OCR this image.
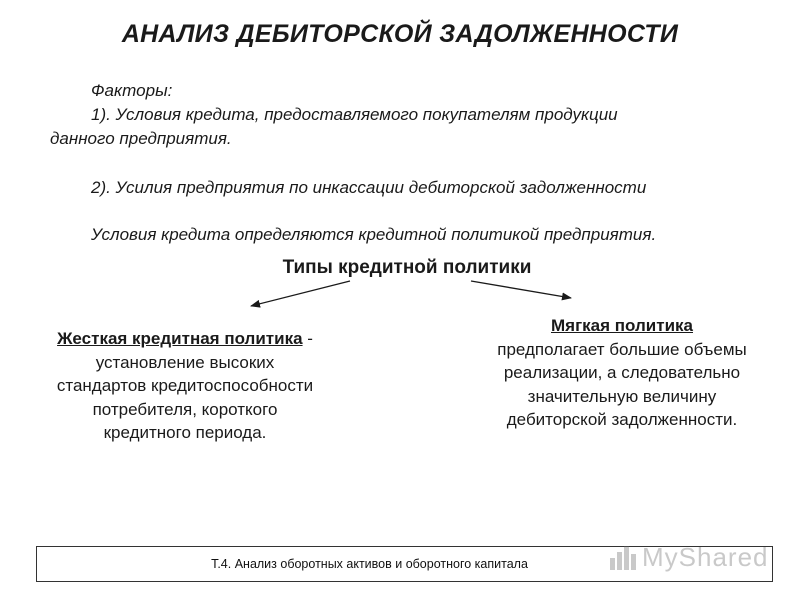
АНАЛИЗ ДЕБИТОРСКОЙ ЗАДОЛЖЕННОСТИ
Факторы:
1). Условия кредита, предоставляемого покупателям продукции
данного предприятия.
2). Усилия предприятия по инкассации дебиторской задолженности
Условия кредита определяются кредитной политикой предприятия.
Типы кредитной политики
Жесткая кредитная политика - установление высоких стандартов кредитоспособности потребителя, короткого кредитного периода.
Мягкая политика
предполагает большие объемы реализации, а следовательно значительную величину дебиторской задолженности.
Т.4. Анализ оборотных активов и оборотного капитала	MyShared
